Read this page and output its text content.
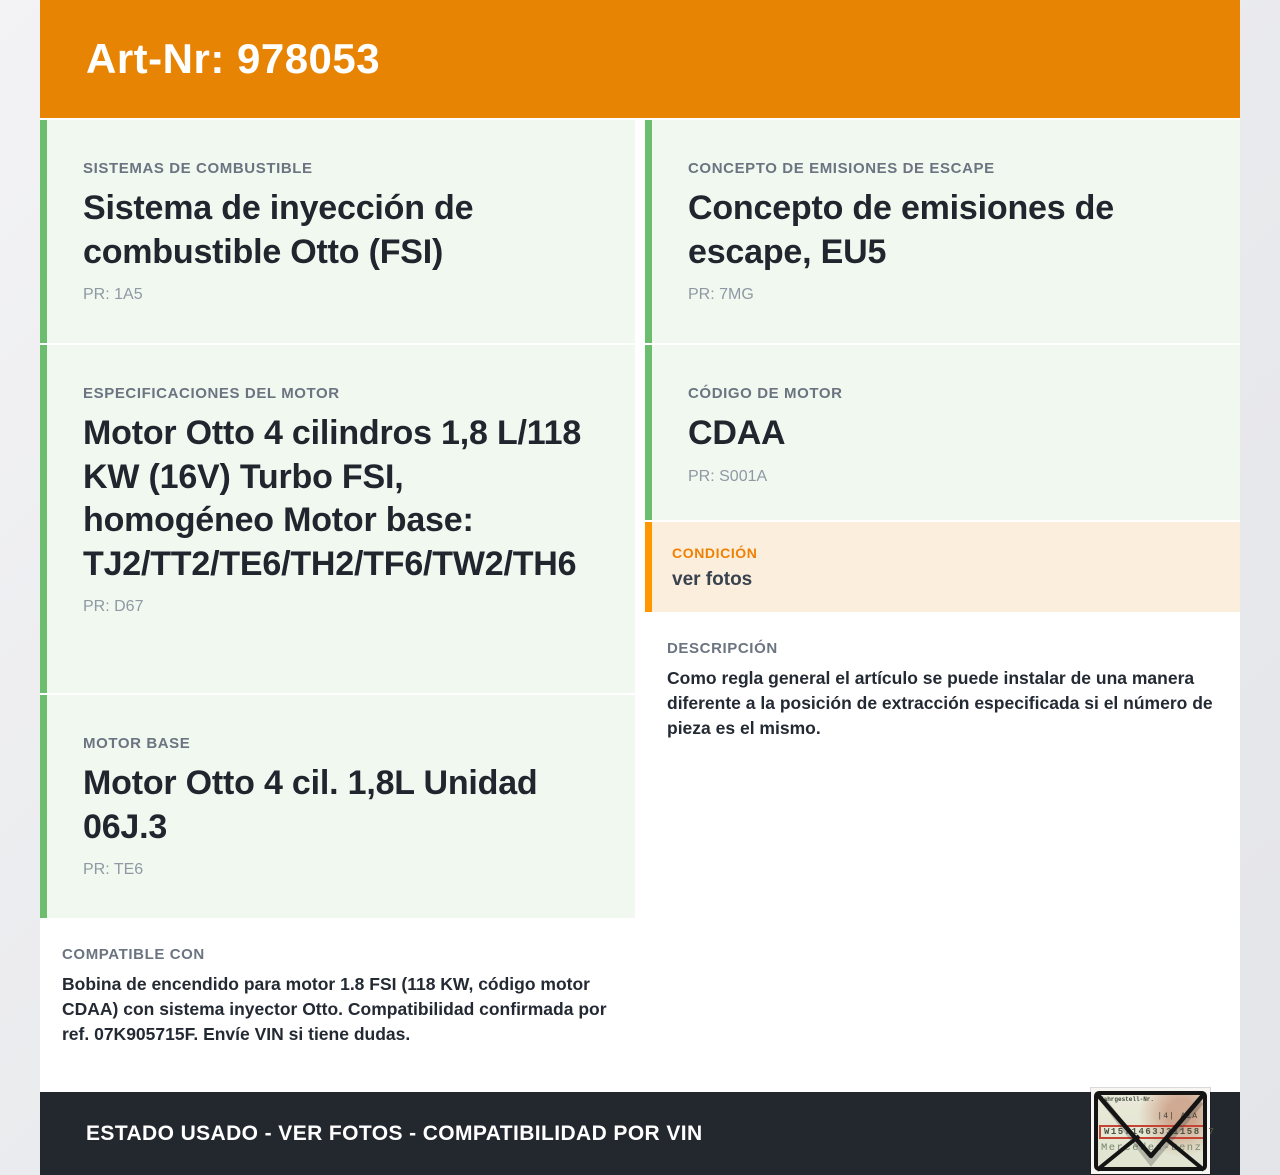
Art-Nr: 978053
SISTEMAS DE COMBUSTIBLE
Sistema de inyección de combustible Otto (FSI)
PR: 1A5
ESPECIFICACIONES DEL MOTOR
Motor Otto 4 cilindros 1,8 L/118 KW (16V) Turbo FSI, homogéneo Motor base: TJ2/TT2/TE6/TH2/TF6/TW2/TH6
PR: D67
MOTOR BASE
Motor Otto 4 cil. 1,8L Unidad 06J.3
PR: TE6
COMPATIBLE CON
Bobina de encendido para motor 1.8 FSI (118 KW, código motor CDAA) con sistema inyector Otto. Compatibilidad confirmada por ref. 07K905715F. Envíe VIN si tiene dudas.
CONCEPTO DE EMISIONES DE ESCAPE
Concepto de emisiones de escape, EU5
PR: 7MG
CÓDIGO DE MOTOR
CDAA
PR: S001A
CONDICIÓN
ver fotos
DESCRIPCIÓN
Como regla general el artículo se puede instalar de una manera diferente a la posición de extracción especificada si el número de pieza es el mismo.
ESTADO USADO - VER FOTOS - COMPATIBILIDAD POR VIN
Fahrgestell-Nr.
|4| AiA
W1571463J31158 7
Mercedes-Benz
